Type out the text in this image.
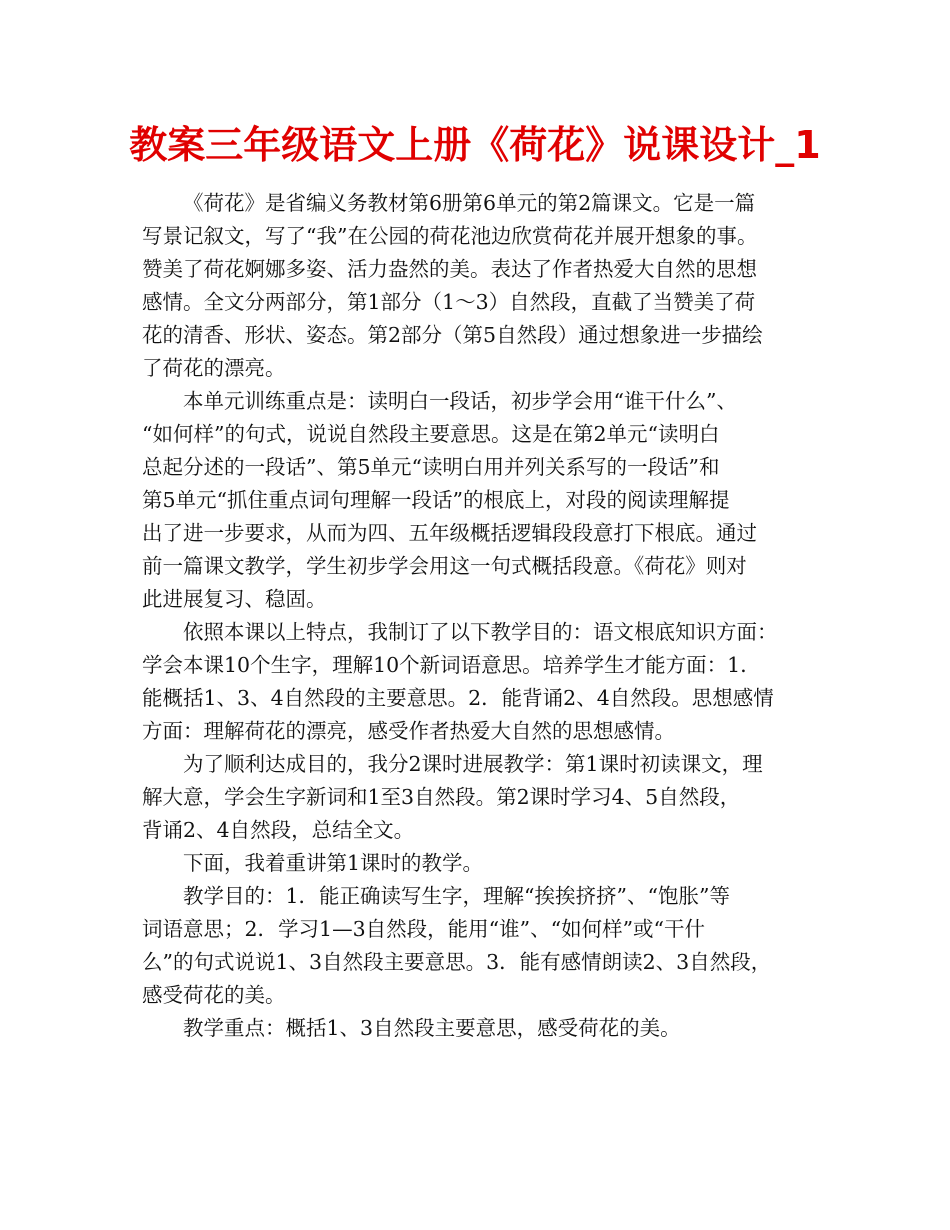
教案三年级语文上册《荷花》说课设计_1

《荷花》是省编义务教材第6册第6单元的第2篇课文。它是一篇
写景记叙文，写了“我”在公园的荷花池边欣赏荷花并展开想象的事。
赞美了荷花婀娜多姿、活力盎然的美。表达了作者热爱大自然的思想
感情。全文分两部分，第1部分（1～3）自然段，直截了当赞美了荷
花的清香、形状、姿态。第2部分（第5自然段）通过想象进一步描绘
了荷花的漂亮。

本单元训练重点是：读明白一段话，初步学会用“谁干什么”、
“如何样”的句式，说说自然段主要意思。这是在第2单元“读明白
总起分述的一段话”、第5单元“读明白用并列关系写的一段话”和
第5单元“抓住重点词句理解一段话”的根底上，对段的阅读理解提
出了进一步要求，从而为四、五年级概括逻辑段段意打下根底。通过
前一篇课文教学，学生初步学会用这一句式概括段意。《荷花》则对
此进展复习、稳固。

依照本课以上特点，我制订了以下教学目的：语文根底知识方面：
学会本课10个生字，理解10个新词语意思。培养学生才能方面：1．
能概括1、3、4自然段的主要意思。2．能背诵2、4自然段。思想感情
方面：理解荷花的漂亮，感受作者热爱大自然的思想感情。

为了顺利达成目的，我分2课时进展教学：第1课时初读课文，理
解大意，学会生字新词和1至3自然段。第2课时学习4、5自然段，
背诵2、4自然段，总结全文。

下面，我着重讲第1课时的教学。

教学目的：1．能正确读写生字，理解“挨挨挤挤”、“饱胀”等
词语意思；2．学习1—3自然段，能用“谁”、“如何样”或“干什
么”的句式说说1、3自然段主要意思。3．能有感情朗读2、3自然段，
感受荷花的美。

教学重点：概括1、3自然段主要意思，感受荷花的美。
